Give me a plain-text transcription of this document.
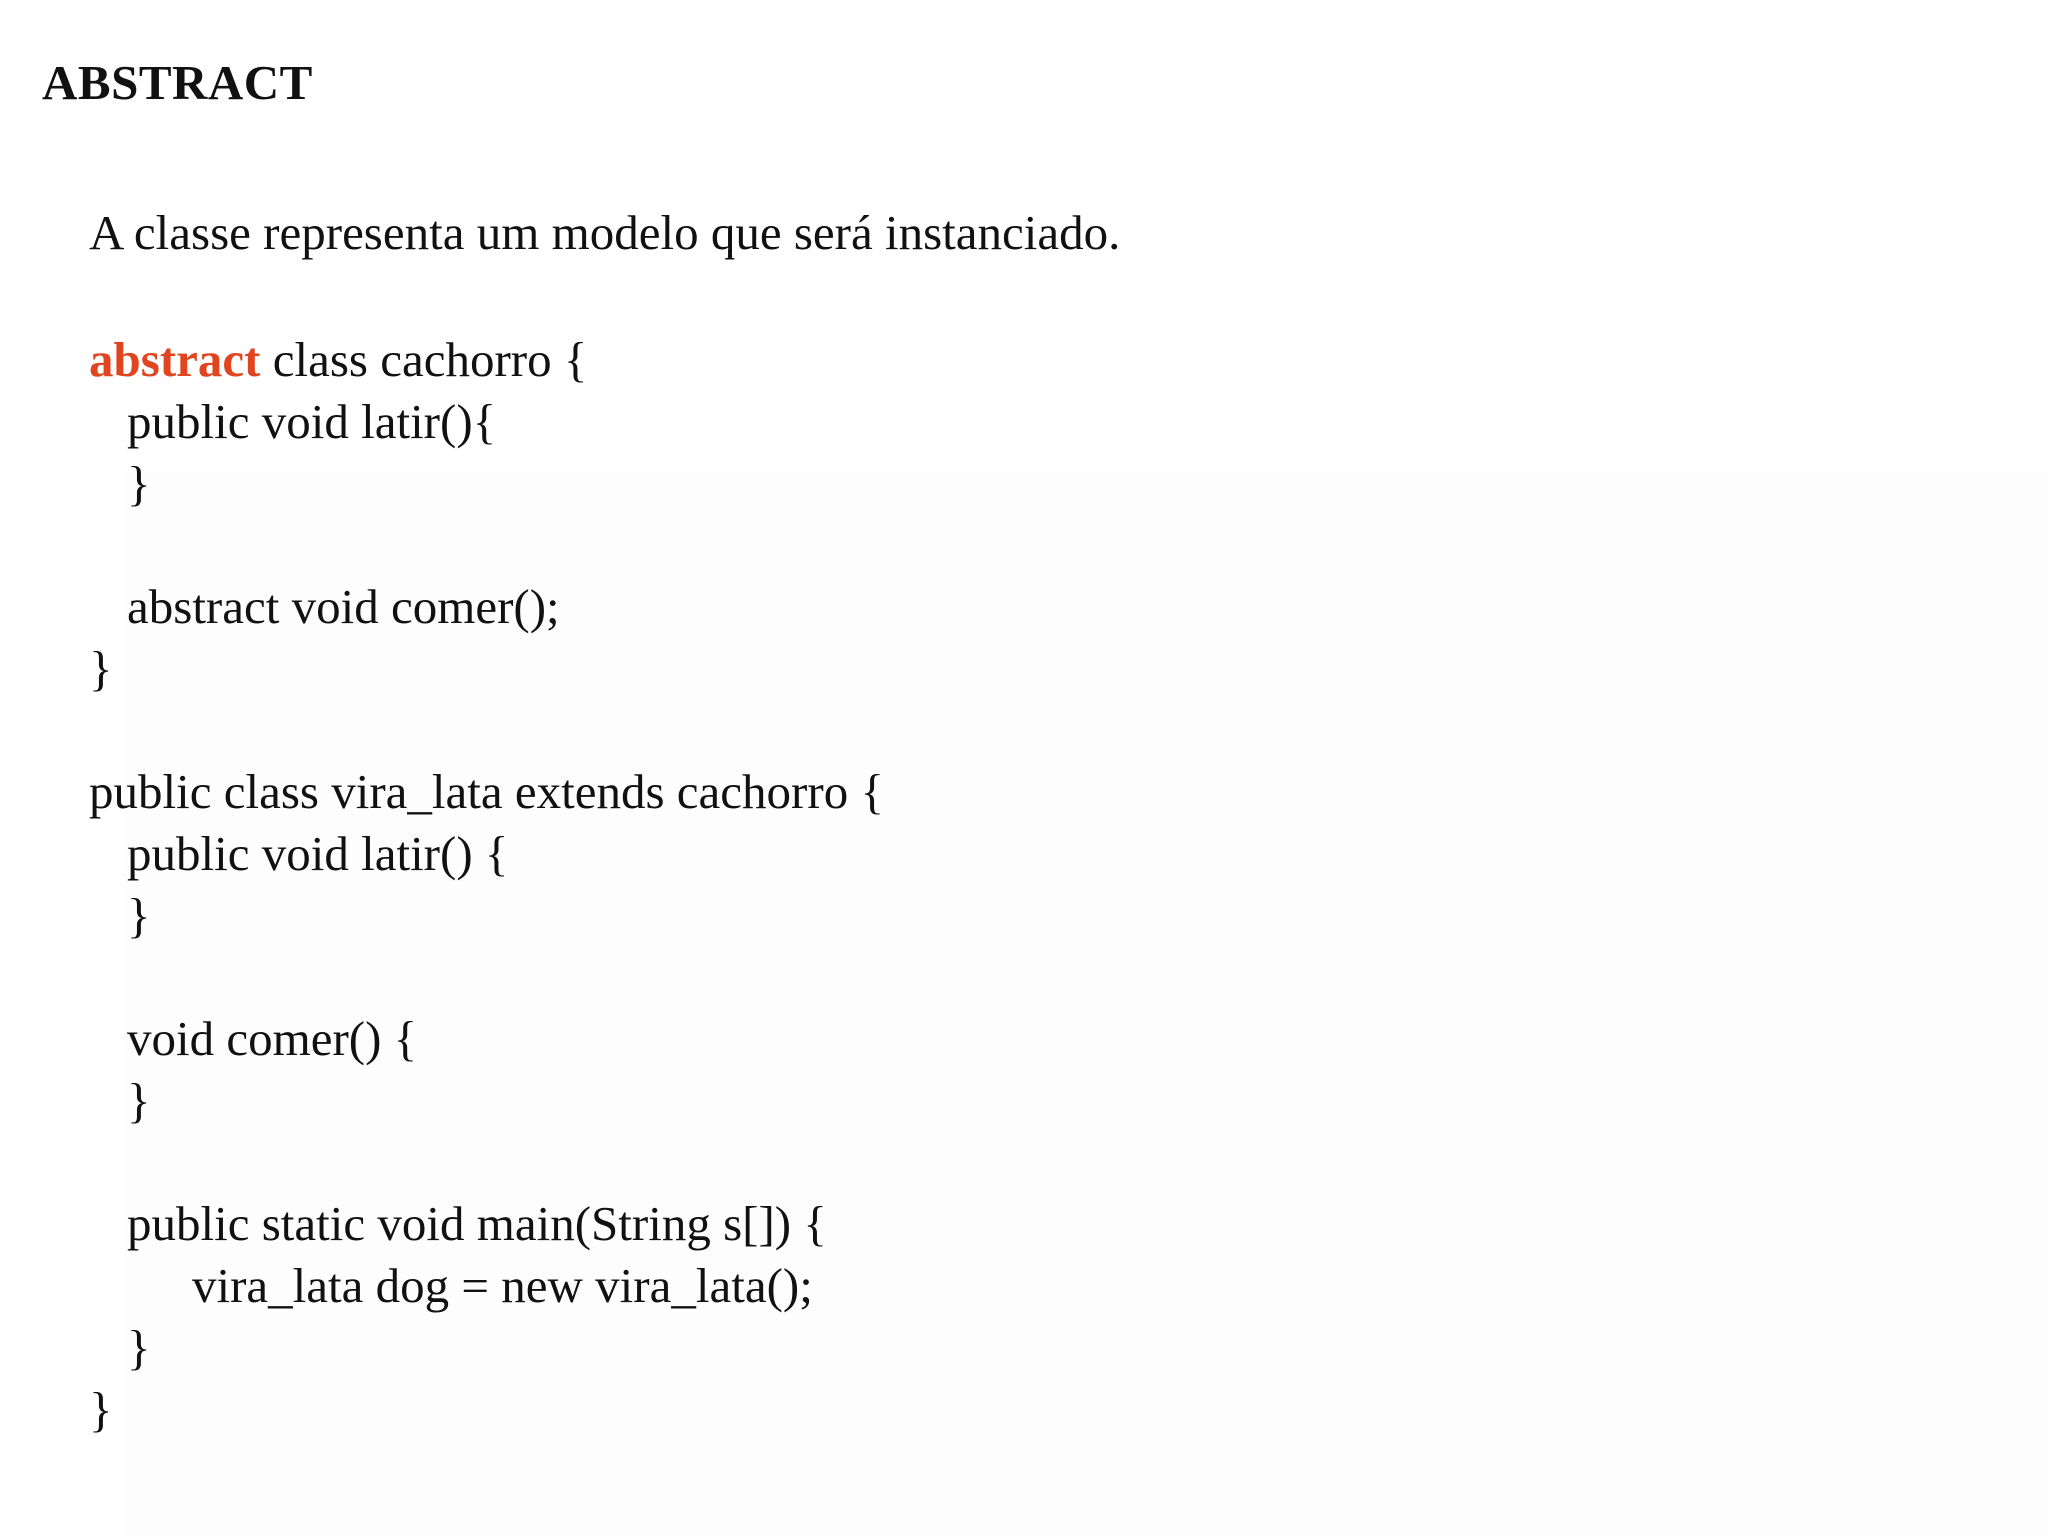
ABSTRACT
A classe representa um modelo que será instanciado.
abstract class cachorro {
public void latir(){
}
abstract void comer();
}
public class vira_lata extends cachorro {
public void latir() {
}
void comer() {
}
public static void main(String s[]) {
vira_lata dog = new vira_lata();
}
}
